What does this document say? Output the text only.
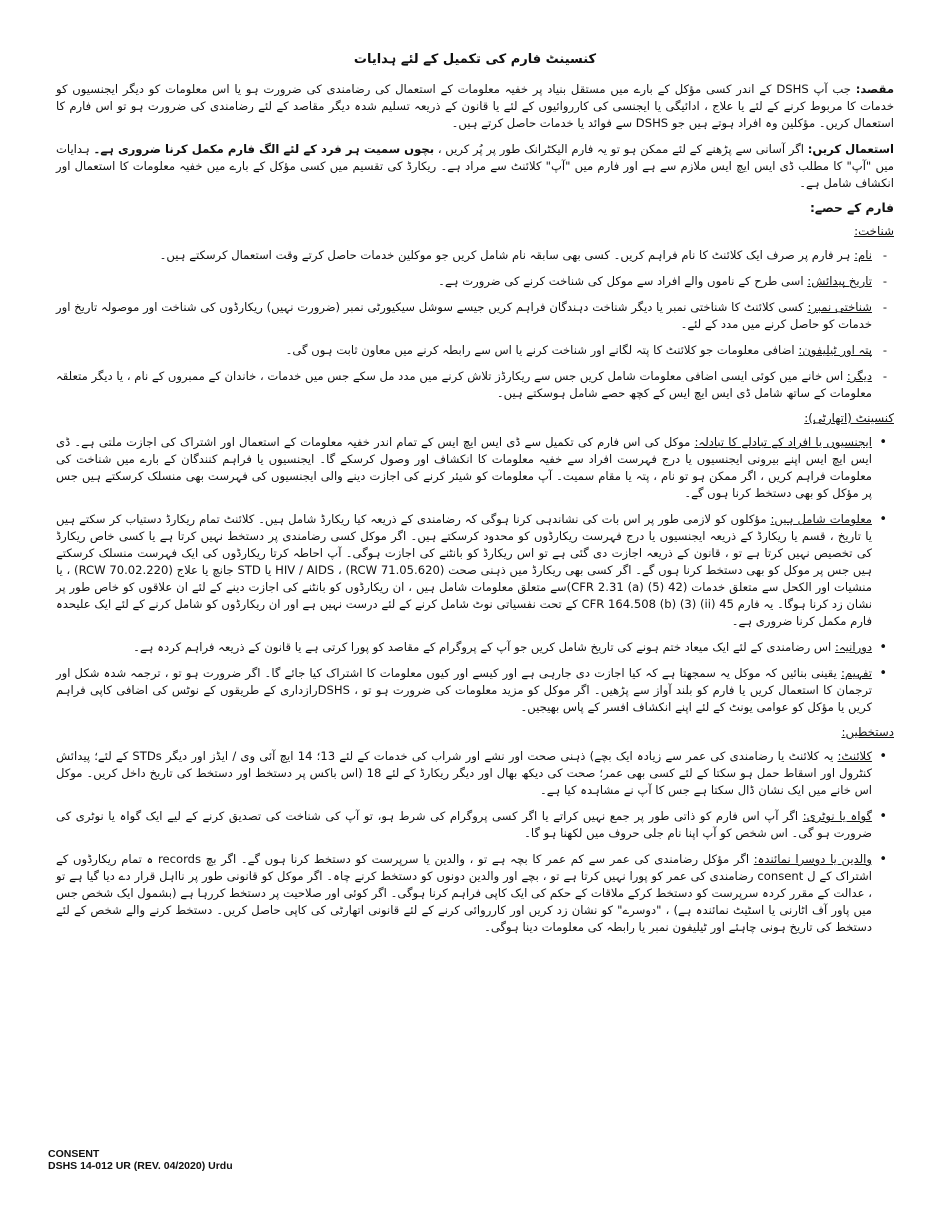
کنسینٹ فارم کی تکمیل کے لئے ہدایات

مقصد: جب آپ DSHS کے اندر کسی مؤکل کے بارے میں مستقل بنیاد پر خفیہ معلومات کے استعمال کی رضامندی کی ضرورت ہو یا اس معلومات کو دیگر ایجنسیوں کو خدمات کا مربوط کرنے کے لئے یا علاج ، ادائیگی یا ایجنسی کی کارروائیوں کے لئے یا قانون کے ذریعہ تسلیم شدہ دیگر مقاصد کے لئے رضامندی کی ضرورت ہو تو اس فارم کا استعمال کریں۔ مؤکلین وہ افراد ہوتے ہیں جو DSHS سے فوائد یا خدمات حاصل کرتے ہیں۔

استعمال کریں: اگر آسانی سے پڑھنے کے لئے ممکن ہو تو یہ فارم الیکٹرانک طور پر پُر کریں ، بچوں سمیت ہر فرد کے لئے الگ فارم مکمل کرنا ضروری ہے۔ ہدایات میں "آپ" کا مطلب ڈی ایس ایچ ایس ملازم سے ہے اور فارم میں "آپ" کلائنٹ سے مراد ہے۔ ریکارڈ کی تقسیم میں کسی مؤکل کے بارے میں خفیہ معلومات کا استعمال اور انکشاف شامل ہے۔

فارم کے حصے:
شناخت:
- نام: ہر فارم پر صرف ایک کلائنٹ کا نام فراہم کریں۔ کسی بھی سابقہ نام شامل کریں جو موکلین خدمات حاصل کرتے وقت استعمال کرسکتے ہیں۔
- تاریخ پیدائش: اسی طرح کے ناموں والے افراد سے موکل کی شناخت کرنے کی ضرورت ہے۔
- شناختی نمبر: کسی کلائنٹ کا شناختی نمبر یا دیگر شناخت دہندگان فراہم کریں جیسے سوشل سیکیورٹی نمبر (ضرورت نہیں) ریکارڈوں کی شناخت اور موصولہ تاریخ اور خدمات کو حاصل کرنے میں مدد کے لئے۔
- پتہ اور ٹیلیفون: اضافی معلومات جو کلائنٹ کا پتہ لگانے اور شناخت کرنے یا اس سے رابطہ کرنے میں معاون ثابت ہوں گی۔
- دیگر: اس خانے میں کوئی ایسی اضافی معلومات شامل کریں جس سے ریکارڈز تلاش کرنے میں مدد مل سکے جس میں خدمات ، خاندان کے ممبروں کے نام ، یا دیگر متعلقہ معلومات کے ساتھ شامل ڈی ایس ایچ ایس کے کچھ حصے شامل ہوسکتے ہیں۔
کنسینٹ (اتھارٹی):
• ایجنسیوں یا افراد کے تبادلے کا تبادلہ: موکل کی اس فارم کی تکمیل سے ڈی ایس ایچ ایس کے تمام اندر خفیہ معلومات کے استعمال اور اشتراک کی اجازت ملتی ہے۔ ڈی ایس ایچ ایس اپنے بیرونی ایجنسیوں یا درج فہرست افراد سے خفیہ معلومات کا انکشاف اور وصول کرسکے گا۔ ایجنسیوں یا فراہم کنندگان کے بارے میں شناخت کی معلومات فراہم کریں ، اگر ممکن ہو تو نام ، پتہ یا مقام سمیت۔ آپ معلومات کو شیئر کرنے کی اجازت دینے والی ایجنسیوں کی فہرست بھی منسلک کرسکتے ہیں جس پر مؤکل کو بھی دستخط کرنا ہوں گے۔
• معلومات شامل ہیں: مؤکلوں کو لازمی طور پر اس بات کی نشاندہی کرنا ہوگی کہ رضامندی کے ذریعہ کیا ریکارڈ شامل ہیں۔ کلائنٹ تمام ریکارڈ دستیاب کر سکتے ہیں یا تاریخ ، قسم یا ریکارڈ کے ذریعہ ایجنسیوں یا درج فہرست ریکارڈوں کو محدود کرسکتے ہیں۔ اگر موکل کسی رضامندی پر دستخط نہیں کرتا ہے یا کسی خاص ریکارڈ کی تخصیص نہیں کرتا ہے تو ، قانون کے ذریعہ اجازت دی گئی ہے تو اس ریکارڈ کو بانٹنے کی اجازت ہوگی۔ آپ احاطہ کرتا ریکارڈوں کی ایک فہرست منسلک کرسکتے ہیں جس پر موکل کو بھی دستخط کرنا ہوں گے۔ اگر کسی بھی ریکارڈ میں ذہنی صحت (RCW 71.05.620) ، HIV / AIDS یا STD جانچ یا علاج (RCW 70.02.220) ، یا منشیات اور الکحل سے متعلق خدمات (42 CFR 2.31 (a) (5))سے متعلق معلومات شامل ہیں ، ان ریکارڈوں کو بانٹنے کی اجازت دینے کے لئے ان علاقوں کو خاص طور پر نشان زد کرنا ہوگا۔ یہ فارم 45 CFR 164.508 (b) (3) (ii) کے تحت نفسیاتی نوٹ شامل کرنے کے لئے درست نہیں ہے اور ان ریکارڈوں کو شامل کرنے کے لئے ایک علیحدہ فارم مکمل کرنا ضروری ہے۔
• دورانیہ: اس رضامندی کے لئے ایک میعاد ختم ہونے کی تاریخ شامل کریں جو آپ کے پروگرام کے مقاصد کو پورا کرتی ہے یا قانون کے ذریعہ فراہم کردہ ہے۔
• تفہیم: یقینی بنائیں کہ موکل یہ سمجھتا ہے کہ کیا اجازت دی جارہی ہے اور کیسے اور کیوں معلومات کا اشتراک کیا جائے گا۔ اگر ضرورت ہو تو ، ترجمہ شدہ شکل اور ترجمان کا استعمال کریں یا فارم کو بلند آواز سے پڑھیں۔ اگر موکل کو مزید معلومات کی ضرورت ہو تو ، DSHSرازداری کے طریقوں کے نوٹس کی اضافی کاپی فراہم کریں یا مؤکل کو عوامی یونٹ کے لئے اپنے انکشاف افسر کے پاس بھیجیں۔
دستخطیں:
• کلائنٹ: یہ کلائنٹ یا رضامندی کی عمر سے زیادہ ایک بچے) ذہنی صحت اور نشے اور شراب کی خدمات کے لئے 13؛ 14 ایچ آئی وی / ایڈز اور دیگر STDs کے لئے؛ پیدائش کنٹرول اور اسقاط حمل ہو سکتا کے لئے کسی بھی عمر؛ صحت کی دیکھ بھال اور دیگر ریکارڈ کے لئے 18 (اس باکس پر دستخط اور دستخط کی تاریخ داخل کریں۔ موکل اس خانے میں ایک نشان ڈال سکتا ہے جس کا آپ نے مشاہدہ کیا ہے۔
• گواہ یا نوٹری: اگر آپ اس فارم کو ذاتی طور پر جمع نہیں کراتے یا اگر کسی پروگرام کی شرط ہو، تو آپ کی شناخت کی تصدیق کرنے کے لیے ایک گواہ یا نوٹری کی ضرورت ہو گی۔ اس شخص کو آپ اپنا نام جلی حروف میں لکھنا ہو گا۔
• والدین یا دوسرا نمائندہ: اگر مؤکل رضامندی کی عمر سے کم عمر کا بچہ ہے تو ، والدین یا سرپرست کو دستخط کرنا ہوں گے۔ اگر بچ records ہ تمام ریکارڈوں کے اشتراک کے ل consent رضامندی کی عمر کو پورا نہیں کرتا ہے تو ، بچے اور والدین دونوں کو دستخط کرنے چاہ۔ اگر موکل کو قانونی طور پر نااہل قرار دے دیا گیا ہے تو ، عدالت کے مقرر کردہ سرپرست کو دستخط کرکے ملاقات کے حکم کی ایک کاپی فراہم کرنا ہوگی۔ اگر کوئی اور صلاحیت پر دستخط کررہا ہے (بشمول ایک شخص جس میں پاور آف اٹارنی یا اسٹیٹ نمائندہ ہے) ، "دوسرے" کو نشان زد کریں اور کارروائی کرنے کے لئے قانونی اتھارٹی کی کاپی حاصل کریں۔ دستخط کرنے والے شخص کے لئے دستخط کی تاریخ ہونی چاہئے اور ٹیلیفون نمبر یا رابطہ کی معلومات دینا ہوگی۔
CONSENT
DSHS 14-012 UR (REV. 04/2020) Urdu
